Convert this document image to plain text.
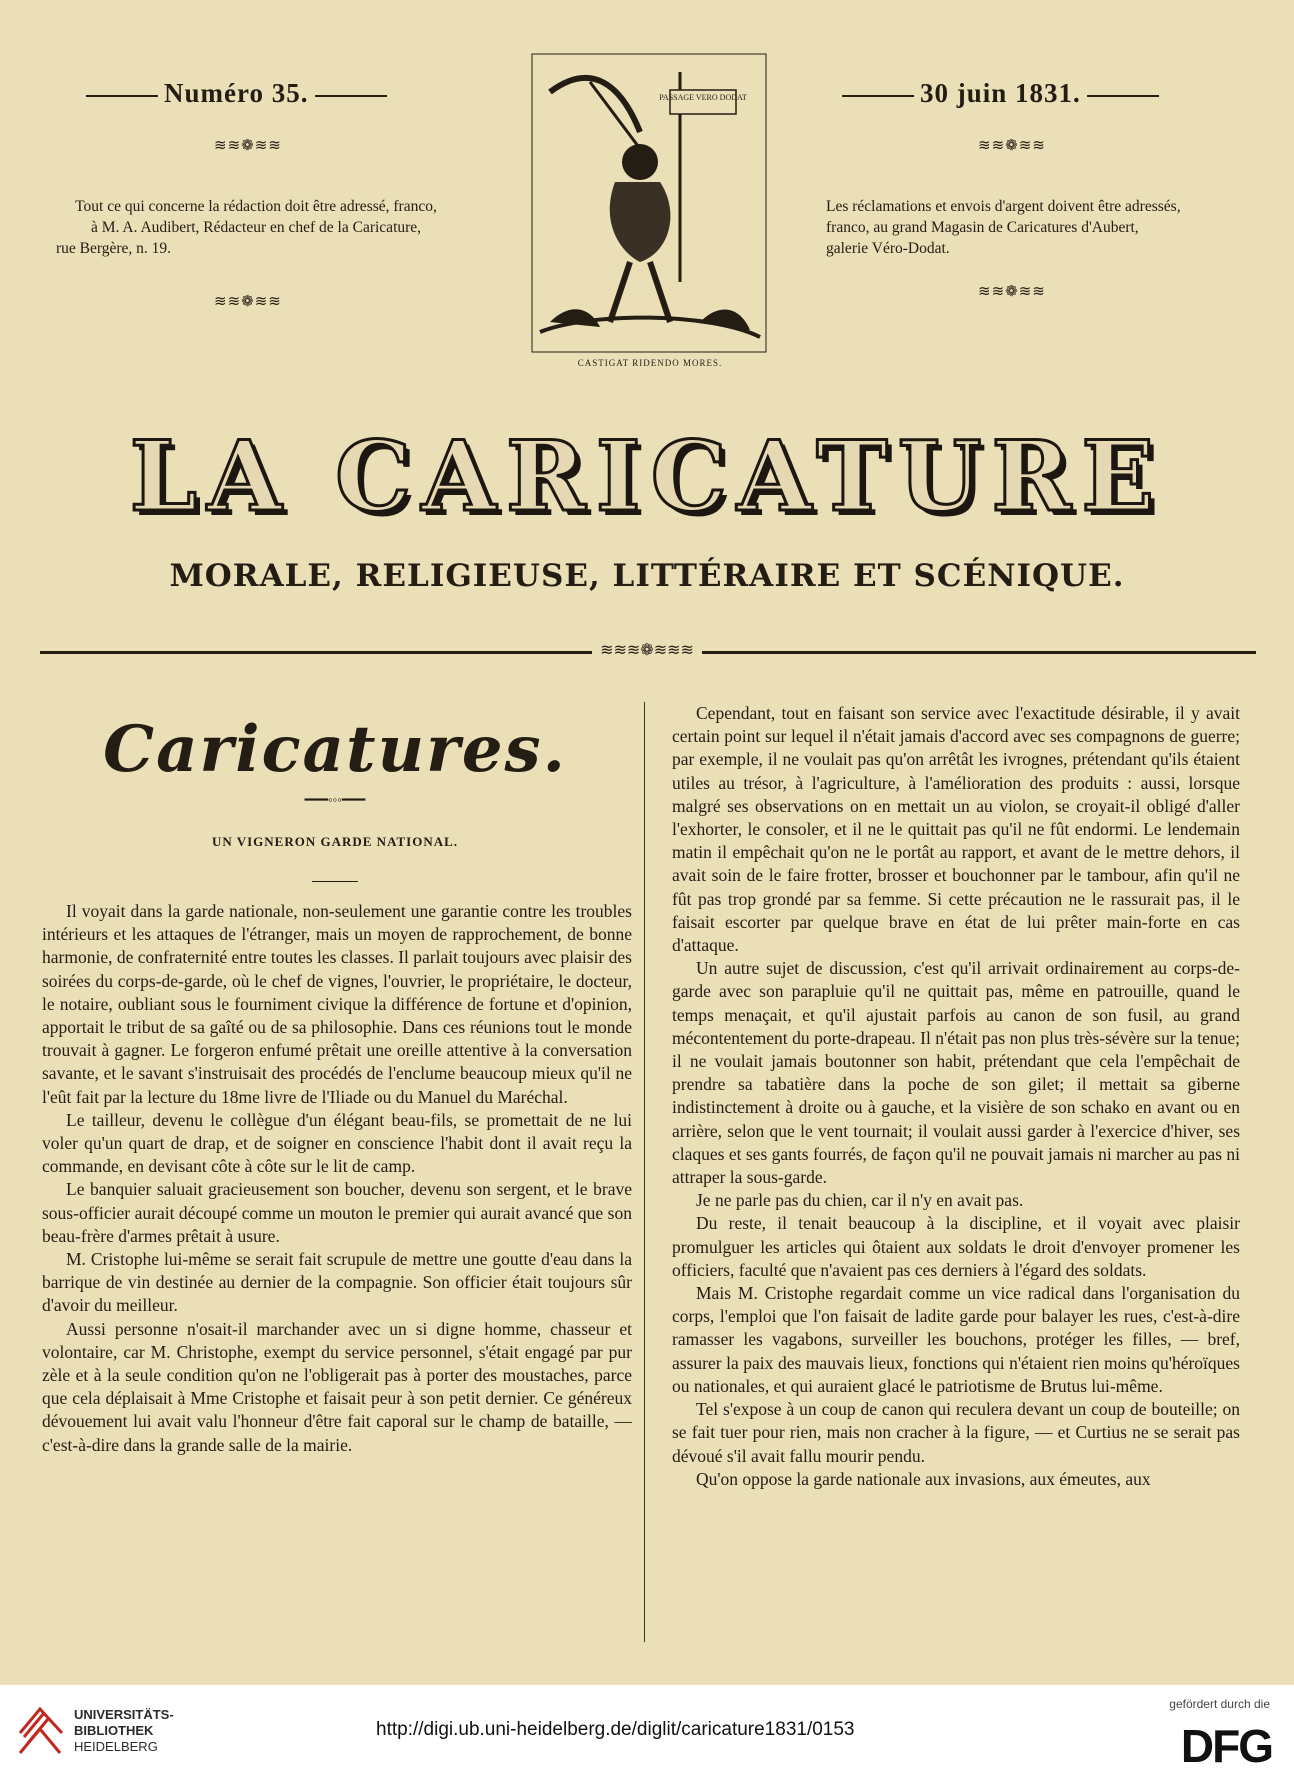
Numéro 35.	30 juin 1831.
≋≋❁≋≋
≋≋❁≋≋
≋≋❁≋≋
≋≋❁≋≋

Tout ce qui concerne la rédaction doit être adressé, franco,

à M. A. Audibert, Rédacteur en chef de la Caricature,

rue Bergère, n. 19.

Les réclamations et envois d'argent doivent être adressés,

franco, au grand Magasin de Caricatures d'Aubert,

galerie Véro-Dodat.

PASSAGE VERO DODAT
CASTIGAT RIDENDO MORES.
LA CARICATURE
MORALE, RELIGIEUSE, LITTÉRAIRE ET SCÉNIQUE.
≋≋≋❁≋≋≋
Caricatures.
━━━◦◦◦━━━
UN VIGNERON GARDE NATIONAL.

Il voyait dans la garde nationale, non-seulement une garantie contre les troubles intérieurs et les attaques de l'étranger, mais un moyen de rapprochement, de bonne harmonie, de confraternité entre toutes les classes. Il parlait toujours avec plaisir des soirées du corps-de-garde, où le chef de vignes, l'ouvrier, le propriétaire, le docteur, le notaire, oubliant sous le fourniment civique la différence de fortune et d'opinion, apportait le tribut de sa gaîté ou de sa philosophie. Dans ces réunions tout le monde trouvait à gagner. Le forgeron enfumé prêtait une oreille attentive à la conversation savante, et le savant s'instruisait des procédés de l'enclume beaucoup mieux qu'il ne l'eût fait par la lecture du 18me livre de l'Iliade ou du Manuel du Maréchal.

Le tailleur, devenu le collègue d'un élégant beau-fils, se promettait de ne lui voler qu'un quart de drap, et de soigner en conscience l'habit dont il avait reçu la commande, en devisant côte à côte sur le lit de camp.

Le banquier saluait gracieusement son boucher, devenu son sergent, et le brave sous-officier aurait découpé comme un mouton le premier qui aurait avancé que son beau-frère d'armes prêtait à usure.

M. Cristophe lui-même se serait fait scrupule de mettre une goutte d'eau dans la barrique de vin destinée au dernier de la compagnie. Son officier était toujours sûr d'avoir du meilleur.

Aussi personne n'osait-il marchander avec un si digne homme, chasseur et volontaire, car M. Christophe, exempt du service personnel, s'était engagé par pur zèle et à la seule condition qu'on ne l'obligerait pas à porter des moustaches, parce que cela déplaisait à Mme Cristophe et faisait peur à son petit dernier. Ce généreux dévouement lui avait valu l'honneur d'être fait caporal sur le champ de bataille, — c'est-à-dire dans la grande salle de la mairie.

Cependant, tout en faisant son service avec l'exactitude désirable, il y avait certain point sur lequel il n'était jamais d'accord avec ses compagnons de guerre; par exemple, il ne voulait pas qu'on arrêtât les ivrognes, prétendant qu'ils étaient utiles au trésor, à l'agriculture, à l'amélioration des produits : aussi, lorsque malgré ses observations on en mettait un au violon, se croyait-il obligé d'aller l'exhorter, le consoler, et il ne le quittait pas qu'il ne fût endormi. Le lendemain matin il empêchait qu'on ne le portât au rapport, et avant de le mettre dehors, il avait soin de le faire frotter, brosser et bouchonner par le tambour, afin qu'il ne fût pas trop grondé par sa femme. Si cette précaution ne le rassurait pas, il le faisait escorter par quelque brave en état de lui prêter main-forte en cas d'attaque.

Un autre sujet de discussion, c'est qu'il arrivait ordinairement au corps-de-garde avec son parapluie qu'il ne quittait pas, même en patrouille, quand le temps menaçait, et qu'il ajustait parfois au canon de son fusil, au grand mécontentement du porte-drapeau. Il n'était pas non plus très-sévère sur la tenue; il ne voulait jamais boutonner son habit, prétendant que cela l'empêchait de prendre sa tabatière dans la poche de son gilet; il mettait sa giberne indistinctement à droite ou à gauche, et la visière de son schako en avant ou en arrière, selon que le vent tournait; il voulait aussi garder à l'exercice d'hiver, ses claques et ses gants fourrés, de façon qu'il ne pouvait jamais ni marcher au pas ni attraper la sous-garde.

Je ne parle pas du chien, car il n'y en avait pas.

Du reste, il tenait beaucoup à la discipline, et il voyait avec plaisir promulguer les articles qui ôtaient aux soldats le droit d'envoyer promener les officiers, faculté que n'avaient pas ces derniers à l'égard des soldats.

Mais M. Cristophe regardait comme un vice radical dans l'organisation du corps, l'emploi que l'on faisait de ladite garde pour balayer les rues, c'est-à-dire ramasser les vagabons, surveiller les bouchons, protéger les filles, — bref, assurer la paix des mauvais lieux, fonctions qui n'étaient rien moins qu'héroïques ou nationales, et qui auraient glacé le patriotisme de Brutus lui-même.

Tel s'expose à un coup de canon qui reculera devant un coup de bouteille; on se fait tuer pour rien, mais non cracher à la figure, — et Curtius ne se serait pas dévoué s'il avait fallu mourir pendu.

Qu'on oppose la garde nationale aux invasions, aux émeutes, aux

UNIVERSITÄTS-
BIBLIOTHEK
HEIDELBERG
http://digi.ub.uni-heidelberg.de/diglit/caricature1831/0153
gefördert durch die
DFG
